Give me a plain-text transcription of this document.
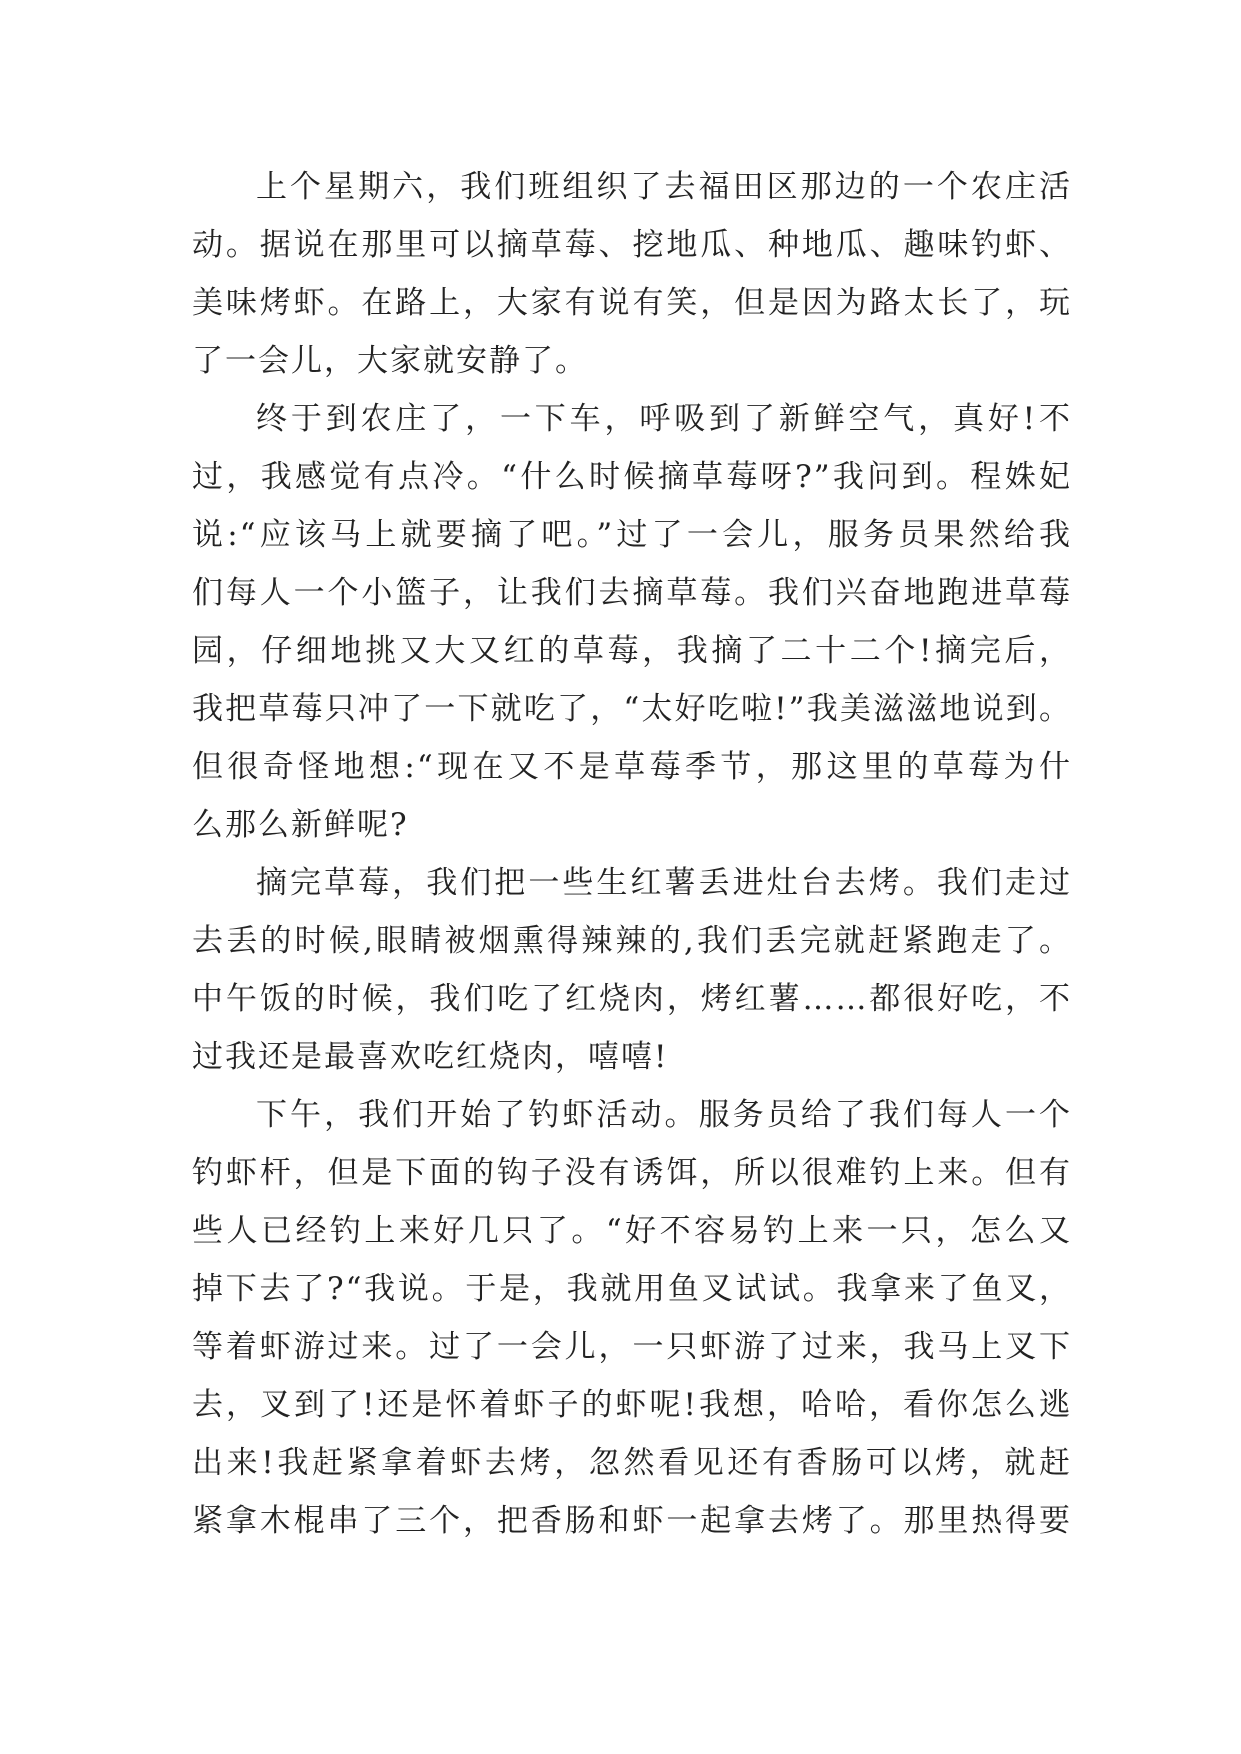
上个星期六，我们班组织了去福田区那边的一个农庄活
动。据说在那里可以摘草莓、挖地瓜、种地瓜、趣味钓虾、
美味烤虾。在路上，大家有说有笑，但是因为路太长了，玩
了一会儿，大家就安静了。
终于到农庄了，一下车，呼吸到了新鲜空气，真好!不
过，我感觉有点冷。“什么时候摘草莓呀?”我问到。程姝妃
说:“应该马上就要摘了吧。”过了一会儿，服务员果然给我
们每人一个小篮子，让我们去摘草莓。我们兴奋地跑进草莓
园，仔细地挑又大又红的草莓，我摘了二十二个!摘完后，
我把草莓只冲了一下就吃了，“太好吃啦!”我美滋滋地说到。
但很奇怪地想:“现在又不是草莓季节，那这里的草莓为什
么那么新鲜呢?
摘完草莓，我们把一些生红薯丢进灶台去烤。我们走过
去丢的时候,眼睛被烟熏得辣辣的,我们丢完就赶紧跑走了。
中午饭的时候，我们吃了红烧肉，烤红薯……都很好吃，不
过我还是最喜欢吃红烧肉，嘻嘻!
下午，我们开始了钓虾活动。服务员给了我们每人一个
钓虾杆，但是下面的钩子没有诱饵，所以很难钓上来。但有
些人已经钓上来好几只了。“好不容易钓上来一只，怎么又
掉下去了?“我说。于是，我就用鱼叉试试。我拿来了鱼叉，
等着虾游过来。过了一会儿，一只虾游了过来，我马上叉下
去，叉到了!还是怀着虾子的虾呢!我想，哈哈，看你怎么逃
出来!我赶紧拿着虾去烤，忽然看见还有香肠可以烤，就赶
紧拿木棍串了三个，把香肠和虾一起拿去烤了。那里热得要
